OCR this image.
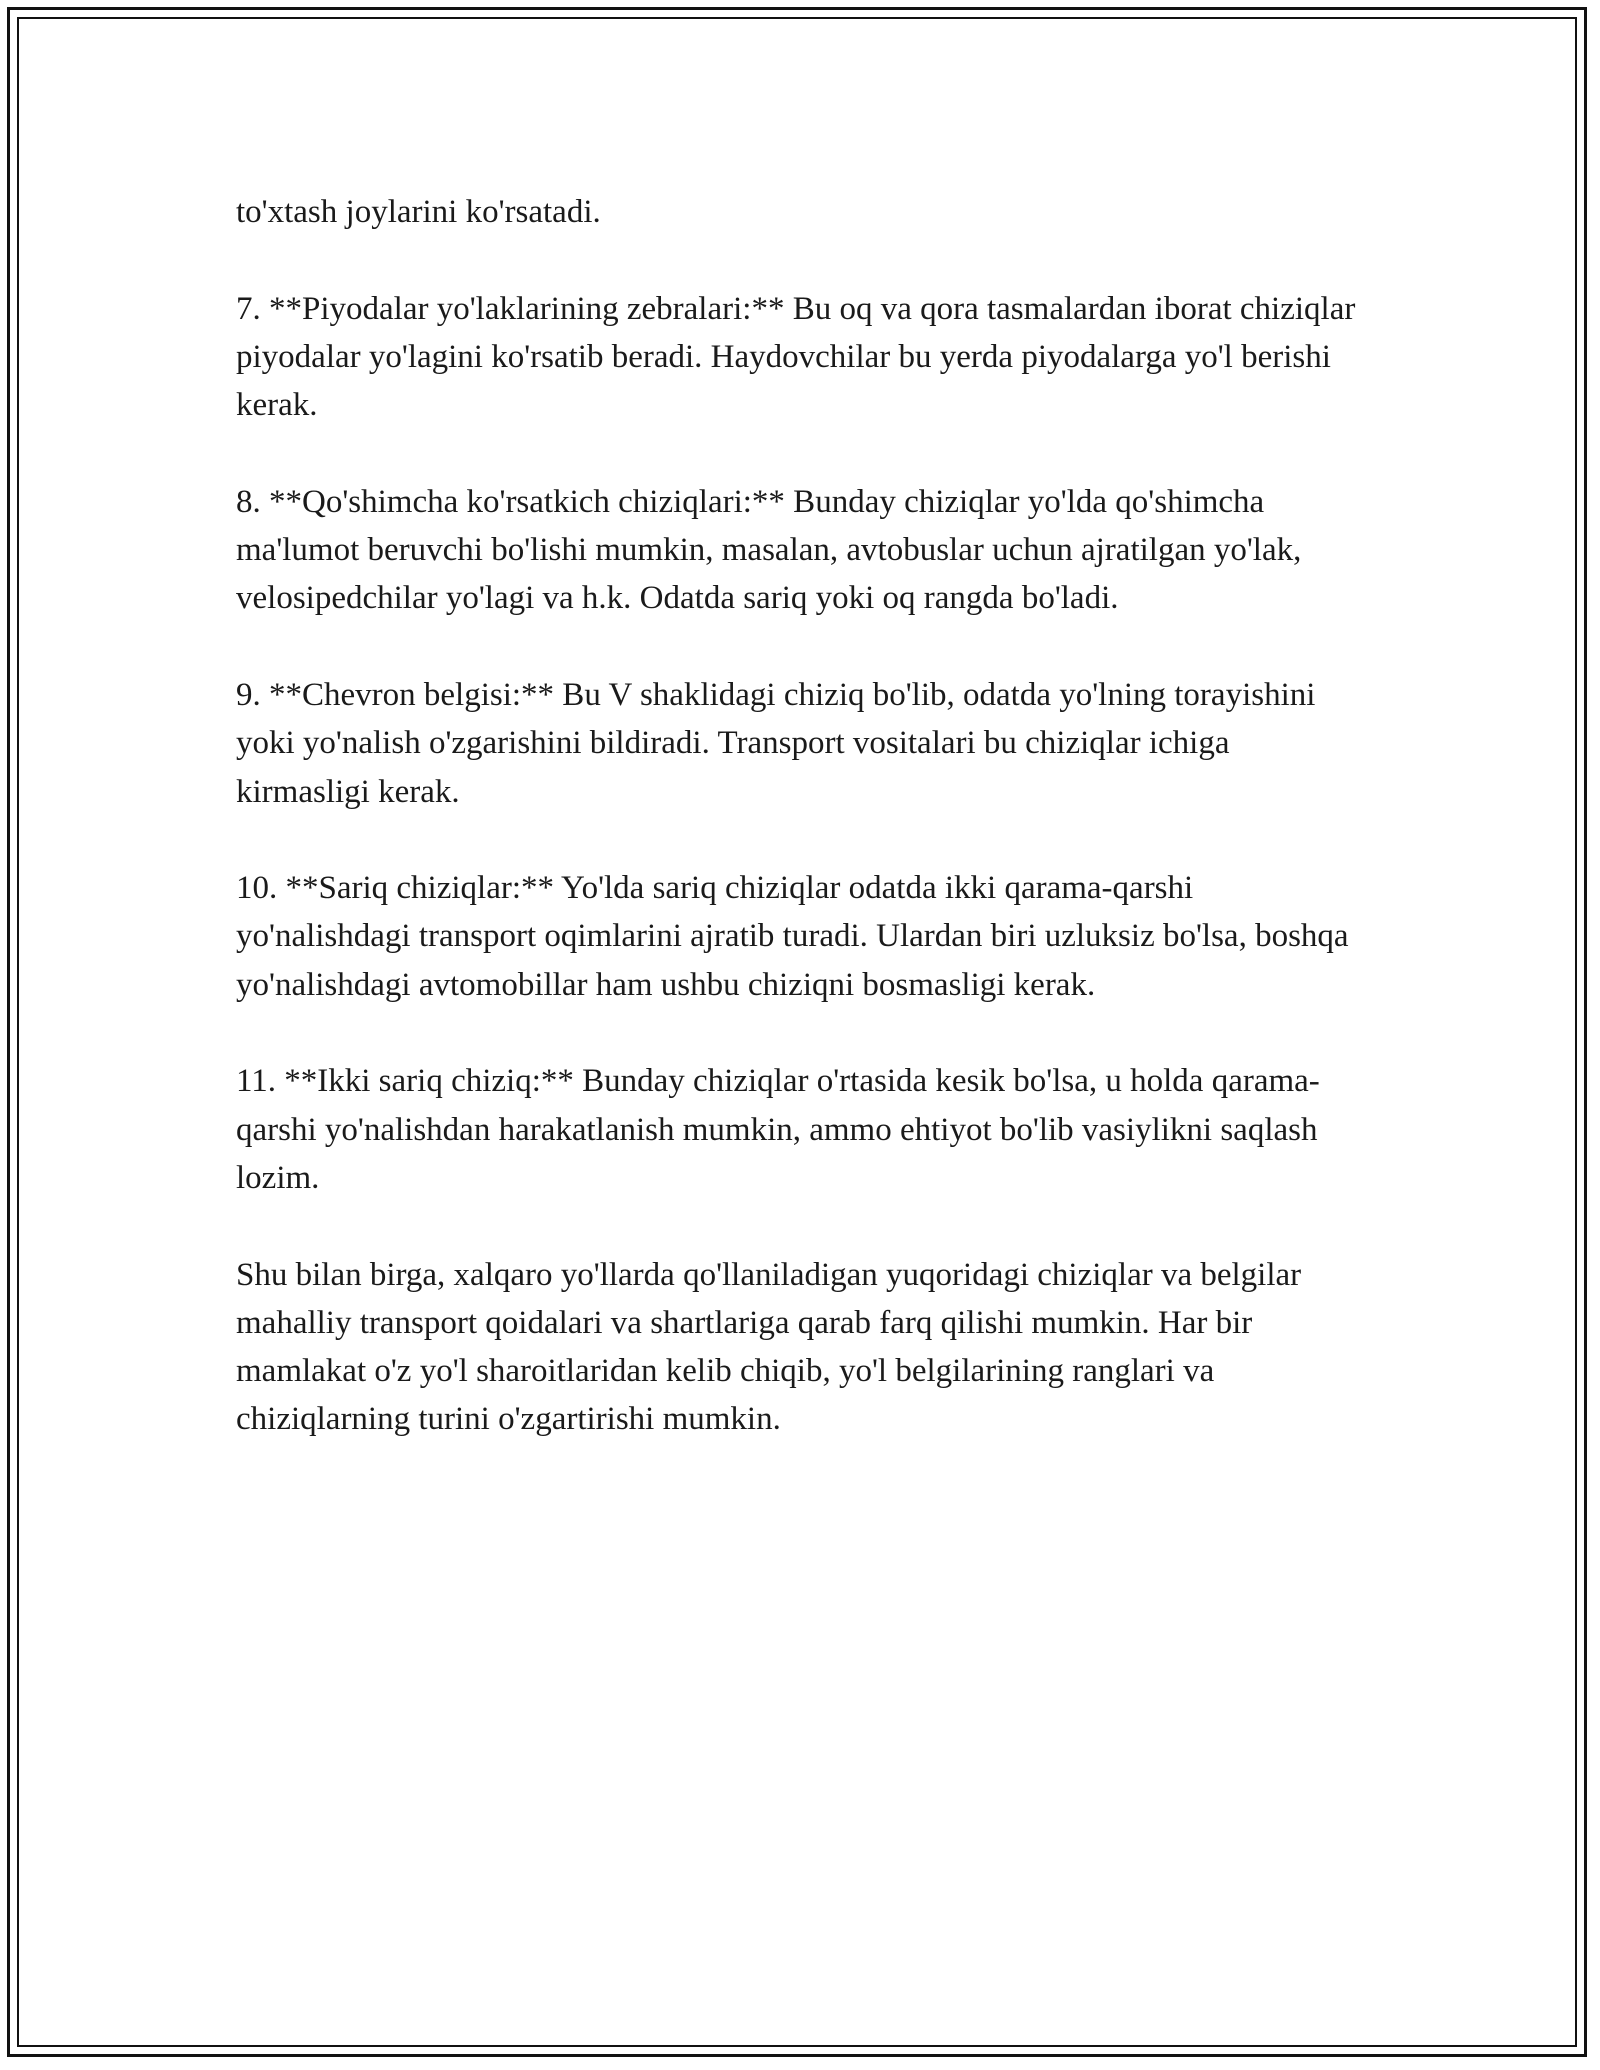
to'xtash joylarini ko'rsatadi.

7. **Piyodalar yo'laklarining zebralari:** Bu oq va qora tasmalardan iborat chiziqlar piyodalar yo'lagini ko'rsatib beradi. Haydovchilar bu yerda piyodalarga yo'l berishi kerak.

8. **Qo'shimcha ko'rsatkich chiziqlari:** Bunday chiziqlar yo'lda qo'shimcha ma'lumot beruvchi bo'lishi mumkin, masalan, avtobuslar uchun ajratilgan yo'lak, velosipedchilar yo'lagi va h.k. Odatda sariq yoki oq rangda bo'ladi.

9. **Chevron belgisi:** Bu V shaklidagi chiziq bo'lib, odatda yo'lning torayishini yoki yo'nalish o'zgarishini bildiradi. Transport vositalari bu chiziqlar ichiga kirmasligi kerak.

10. **Sariq chiziqlar:** Yo'lda sariq chiziqlar odatda ikki qarama-qarshi yo'nalishdagi transport oqimlarini ajratib turadi. Ulardan biri uzluksiz bo'lsa, boshqa yo'nalishdagi avtomobillar ham ushbu chiziqni bosmasligi kerak.

11. **Ikki sariq chiziq:** Bunday chiziqlar o'rtasida kesik bo'lsa, u holda qarama-qarshi yo'nalishdan harakatlanish mumkin, ammo ehtiyot bo'lib vasiylikni saqlash lozim.

Shu bilan birga, xalqaro yo'llarda qo'llaniladigan yuqoridagi chiziqlar va belgilar mahalliy transport qoidalari va shartlariga qarab farq qilishi mumkin. Har bir mamlakat o'z yo'l sharoitlaridan kelib chiqib, yo'l belgilarining ranglari va chiziqlarning turini o'zgartirishi mumkin.
